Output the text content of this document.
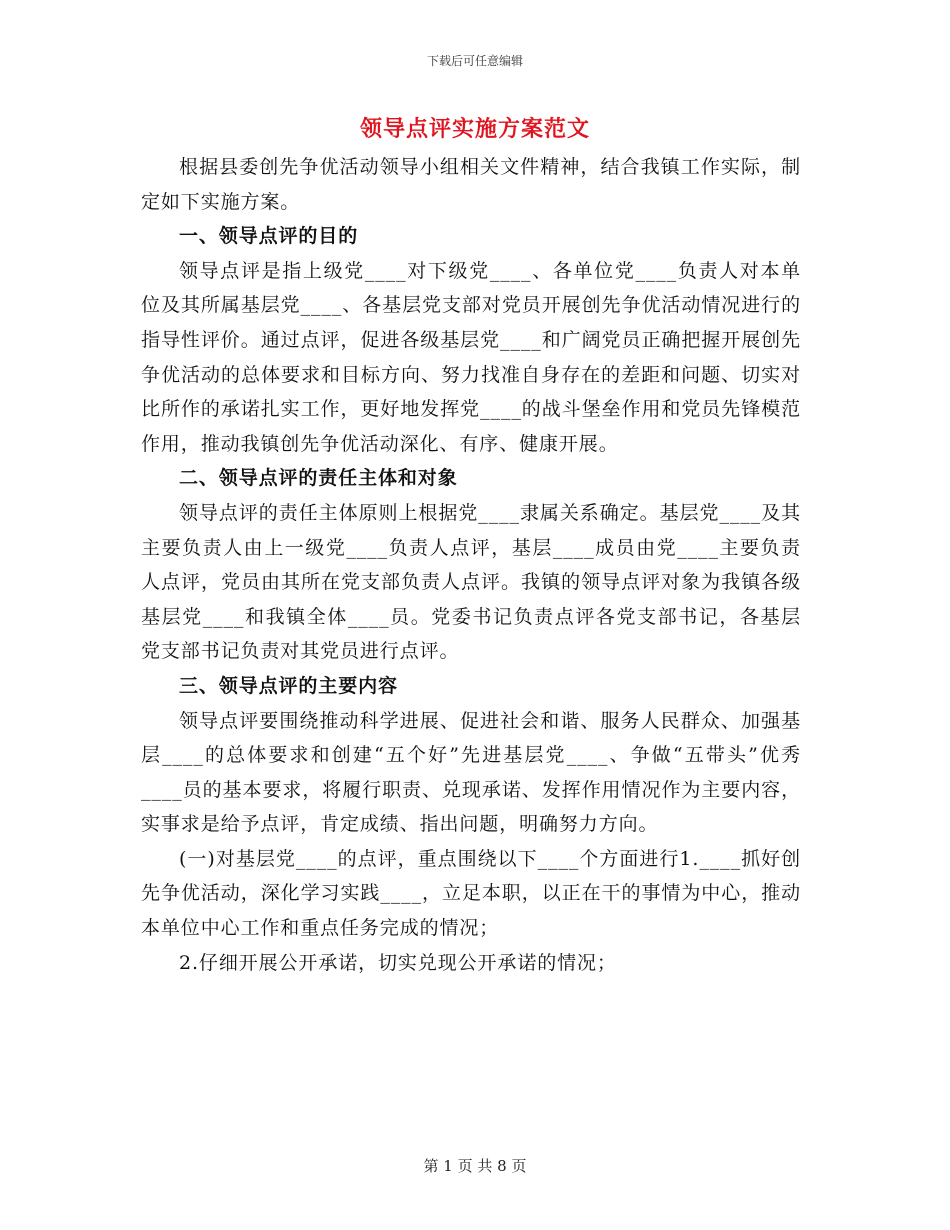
下载后可任意编辑
领导点评实施方案范文

根据县委创先争优活动领导小组相关文件精神，结合我镇工作实际，制定如下实施方案。

一、领导点评的目的

领导点评是指上级党____对下级党____、各单位党____负责人对本单位及其所属基层党____、各基层党支部对党员开展创先争优活动情况进行的指导性评价。通过点评，促进各级基层党____和广阔党员正确把握开展创先争优活动的总体要求和目标方向、努力找准自身存在的差距和问题、切实对比所作的承诺扎实工作，更好地发挥党____的战斗堡垒作用和党员先锋模范作用，推动我镇创先争优活动深化、有序、健康开展。

二、领导点评的责任主体和对象

领导点评的责任主体原则上根据党____隶属关系确定。基层党____及其主要负责人由上一级党____负责人点评，基层____成员由党____主要负责人点评，党员由其所在党支部负责人点评。我镇的领导点评对象为我镇各级基层党____和我镇全体____员。党委书记负责点评各党支部书记，各基层党支部书记负责对其党员进行点评。

三、领导点评的主要内容

领导点评要围绕推动科学进展、促进社会和谐、服务人民群众、加强基层____的总体要求和创建“五个好”先进基层党____、争做“五带头”优秀____员的基本要求，将履行职责、兑现承诺、发挥作用情况作为主要内容，实事求是给予点评，肯定成绩、指出问题，明确努力方向。

(一)对基层党____的点评，重点围绕以下____个方面进行1.____抓好创先争优活动，深化学习实践____，立足本职，以正在干的事情为中心，推动本单位中心工作和重点任务完成的情况；

2.仔细开展公开承诺，切实兑现公开承诺的情况；

第 1 页 共 8 页
